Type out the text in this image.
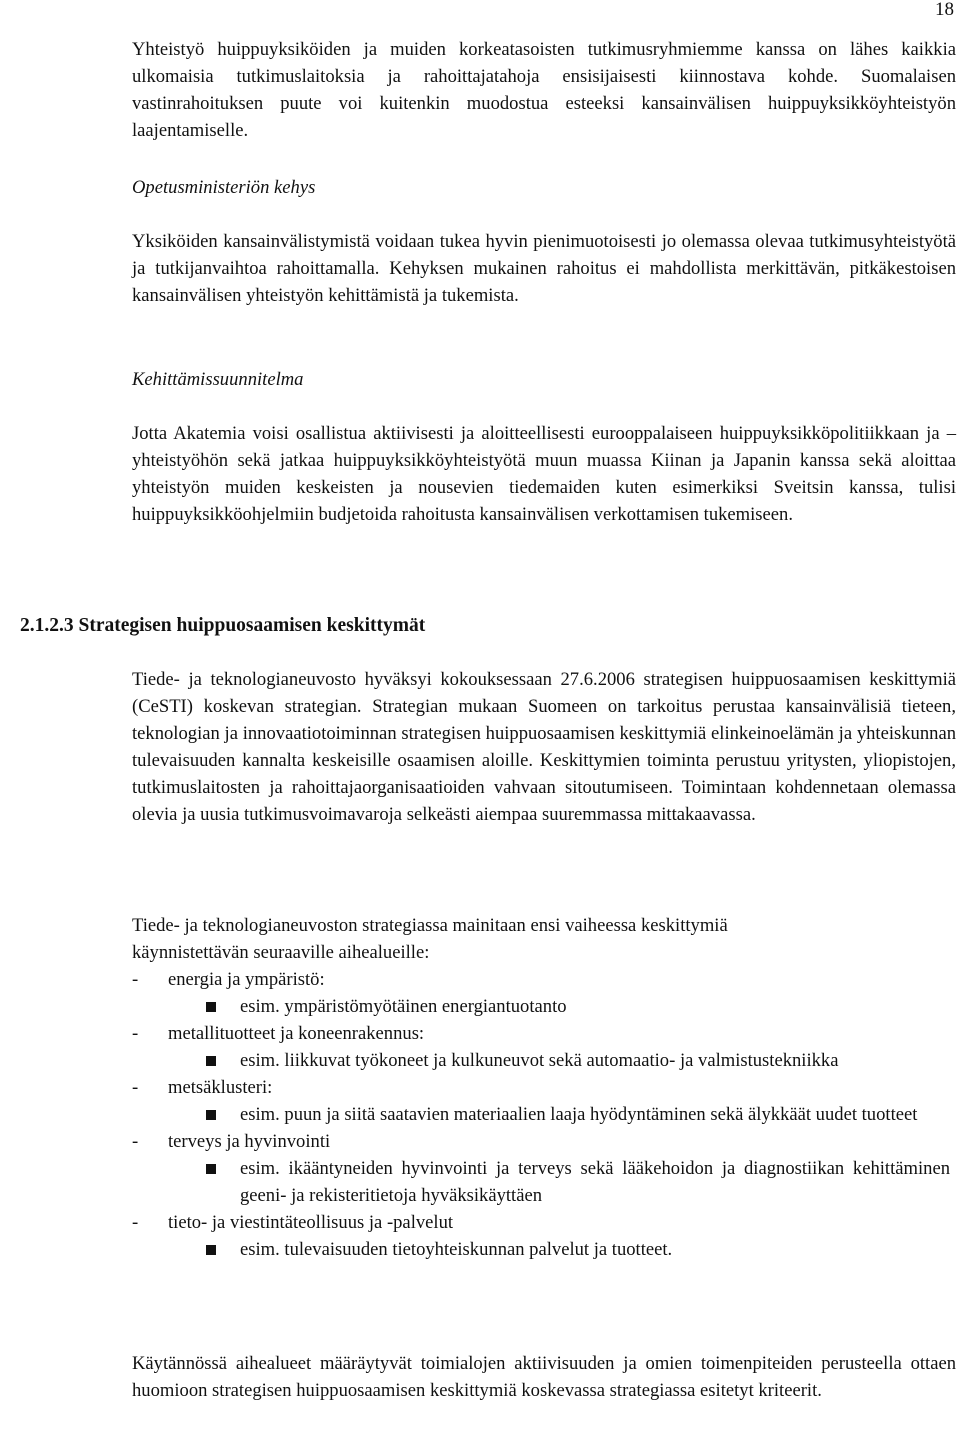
18

Yhteistyö huippuyksiköiden ja muiden korkeatasoisten tutkimusryhmiemme kanssa on lähes kaikkia ulkomaisia tutkimuslaitoksia ja rahoittajatahoja ensisijaisesti kiinnostava kohde. Suomalaisen vastinrahoituksen puute voi kuitenkin muodostua esteeksi kansainvälisen huippuyksikköyhteistyön laajentamiselle.

Opetusministeriön kehys

Yksiköiden kansainvälistymistä voidaan tukea hyvin pienimuotoisesti jo olemassa olevaa tutkimusyhteistyötä ja tutkijanvaihtoa rahoittamalla. Kehyksen mukainen rahoitus ei mahdollista merkittävän, pitkäkestoisen kansainvälisen yhteistyön kehittämistä ja tukemista.

Kehittämissuunnitelma

Jotta Akatemia voisi osallistua aktiivisesti ja aloitteellisesti eurooppalaiseen huippuyksikköpolitiikkaan ja –yhteistyöhön sekä jatkaa huippuyksikköyhteistyötä muun muassa Kiinan ja Japanin kanssa sekä aloittaa yhteistyön muiden keskeisten ja nousevien tiedemaiden kuten esimerkiksi Sveitsin kanssa, tulisi huippuyksikköohjelmiin budjetoida rahoitusta kansainvälisen verkottamisen tukemiseen.

2.1.2.3 Strategisen huippuosaamisen keskittymät

Tiede- ja teknologianeuvosto hyväksyi kokouksessaan 27.6.2006 strategisen huippuosaamisen keskittymiä (CeSTI) koskevan strategian. Strategian mukaan Suomeen on tarkoitus perustaa kansainvälisiä tieteen, teknologian ja innovaatiotoiminnan strategisen huippuosaamisen keskittymiä elinkeinoelämän ja yhteiskunnan tulevaisuuden kannalta keskeisille osaamisen aloille. Keskittymien toiminta perustuu yritysten, yliopistojen, tutkimuslaitosten ja rahoittajaorganisaatioiden vahvaan sitoutumiseen. Toimintaan kohdennetaan olemassa olevia ja uusia tutkimusvoimavaroja selkeästi aiempaa suuremmassa mittakaavassa.

Tiede- ja teknologianeuvoston strategiassa mainitaan ensi vaiheessa keskittymiä
käynnistettävän seuraaville aihealueille:
- energia ja ympäristö:
esim. ympäristömyötäinen energiantuotanto
- metallituotteet ja koneenrakennus:
esim. liikkuvat työkoneet ja kulkuneuvot sekä automaatio- ja valmistustekniikka
- metsäklusteri:
esim. puun ja siitä saatavien materiaalien laaja hyödyntäminen sekä älykkäät uudet tuotteet
- terveys ja hyvinvointi
esim. ikääntyneiden hyvinvointi ja terveys sekä lääkehoidon ja diagnostiikan kehittäminen geeni- ja rekisteritietoja hyväksikäyttäen
- tieto- ja viestintäteollisuus ja -palvelut
esim. tulevaisuuden tietoyhteiskunnan palvelut ja tuotteet.

Käytännössä aihealueet määräytyvät toimialojen aktiivisuuden ja omien toimenpiteiden perusteella ottaen huomioon strategisen huippuosaamisen keskittymiä koskevassa strategiassa esitetyt kriteerit.
